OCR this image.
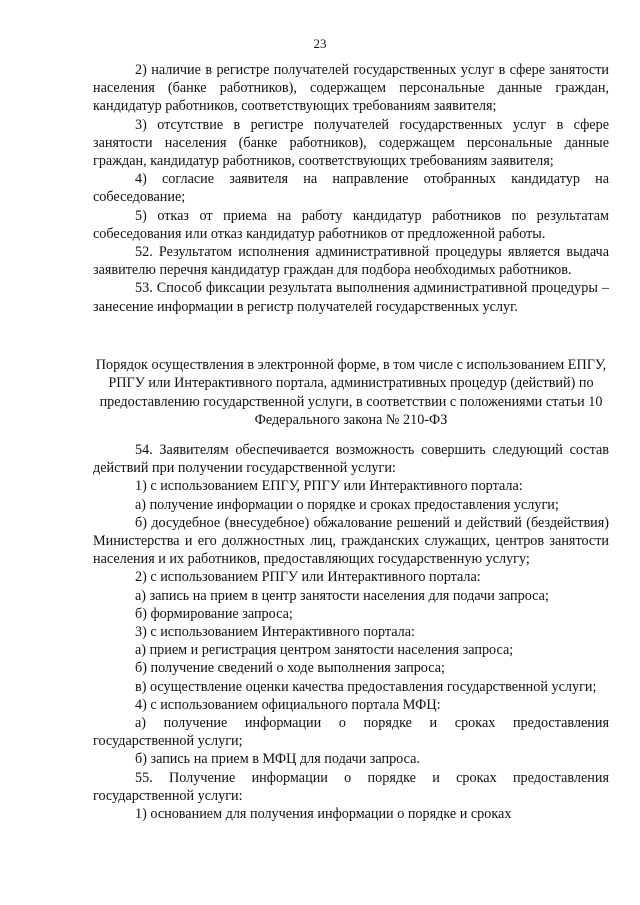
23

2) наличие в регистре получателей государственных услуг в сфере занятости населения (банке работников), содержащем персональные данные граждан, кандидатур работников, соответствующих требованиям заявителя;

3) отсутствие в регистре получателей государственных услуг в сфере занятости населения (банке работников), содержащем персональные данные граждан, кандидатур работников, соответствующих требованиям заявителя;

4) согласие заявителя на направление отобранных кандидатур на собеседование;

5) отказ от приема на работу кандидатур работников по результатам собеседования или отказ кандидатур работников от предложенной работы.

52. Результатом исполнения административной процедуры является выдача заявителю перечня кандидатур граждан для подбора необходимых работников.

53. Способ фиксации результата выполнения административной процедуры – занесение информации в регистр получателей государственных услуг.

Порядок осуществления в электронной форме, в том числе с использованием ЕПГУ, РПГУ или Интерактивного портала, административных процедур (действий) по предоставлению государственной услуги, в соответствии с положениями статьи 10 Федерального закона № 210-ФЗ

54. Заявителям обеспечивается возможность совершить следующий состав действий при получении государственной услуги:

1) с использованием ЕПГУ, РПГУ или Интерактивного портала:

а) получение информации о порядке и сроках предоставления услуги;

б) досудебное (внесудебное) обжалование решений и действий (бездействия) Министерства и его должностных лиц, гражданских служащих, центров занятости населения и их работников, предоставляющих государственную услугу;

2) с использованием РПГУ или Интерактивного портала:

а) запись на прием в центр занятости населения для подачи запроса;

б) формирование запроса;

3) с использованием Интерактивного портала:

а) прием и регистрация центром занятости населения запроса;

б) получение сведений о ходе выполнения запроса;

в) осуществление оценки качества предоставления государственной услуги;

4) с использованием официального портала МФЦ:

а) получение информации о порядке и сроках предоставления государственной услуги;

б) запись на прием в МФЦ для подачи запроса.

55. Получение информации о порядке и сроках предоставления государственной услуги:

1) основанием для получения информации о порядке и сроках
